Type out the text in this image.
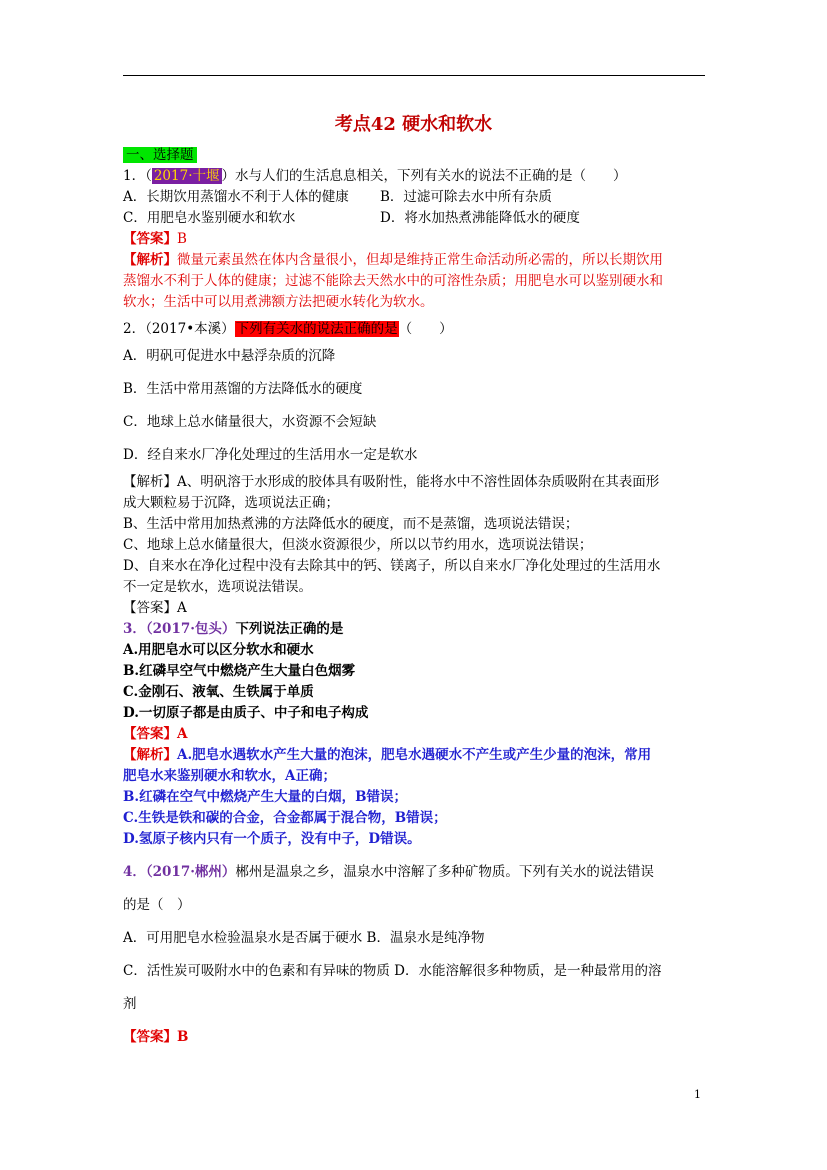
考点42 硬水和软水
一、选择题
1．（ 2017·十堰 ）水与人们的生活息息相关，下列有关水的说法不正确的是（　　）
A．长期饮用蒸馏水不利于人体的健康	B．过滤可除去水中所有杂质
C．用肥皂水鉴别硬水和软水	D．将水加热煮沸能降低水的硬度
【答案】B
【解析】微量元素虽然在体内含量很小，但却是维持正常生命活动所必需的，所以长期饮用
蒸馏水不利于人体的健康；过滤不能除去天然水中的可溶性杂质；用肥皂水可以鉴别硬水和
软水；生活中可以用煮沸额方法把硬水转化为软水。
2．（2017•本溪）下列有关水的说法正确的是（　　）
A．明矾可促进水中悬浮杂质的沉降
B．生活中常用蒸馏的方法降低水的硬度
C．地球上总水储量很大，水资源不会短缺
D．经自来水厂净化处理过的生活用水一定是软水
【解析】A、明矾溶于水形成的胶体具有吸附性，能将水中不溶性固体杂质吸附在其表面形
成大颗粒易于沉降，选项说法正确；
B、生活中常用加热煮沸的方法降低水的硬度，而不是蒸馏，选项说法错误；
C、地球上总水储量很大，但淡水资源很少，所以以节约用水，选项说法错误；
D、自来水在净化过程中没有去除其中的钙、镁离子，所以自来水厂净化处理过的生活用水
不一定是软水，选项说法错误。
【答案】A
3．（2017·包头）下列说法正确的是
A.用肥皂水可以区分软水和硬水
B.红磷早空气中燃烧产生大量白色烟雾
C.金刚石、液氧、生铁属于单质
D.一切原子都是由质子、中子和电子构成
【答案】A
【解析】A.肥皂水遇软水产生大量的泡沫，肥皂水遇硬水不产生或产生少量的泡沫，常用
肥皂水来鉴别硬水和软水，A正确；
B.红磷在空气中燃烧产生大量的白烟，B错误；
C.生铁是铁和碳的合金，合金都属于混合物，B错误；
D.氢原子核内只有一个质子，没有中子，D错误。
4．（2017·郴州）郴州是温泉之乡，温泉水中溶解了多种矿物质。下列有关水的说法错误
的是（　）
A．可用肥皂水检验温泉水是否属于硬水 B．温泉水是纯净物
C．活性炭可吸附水中的色素和有异味的物质 D．水能溶解很多种物质，是一种最常用的溶
剂
【答案】B
1
